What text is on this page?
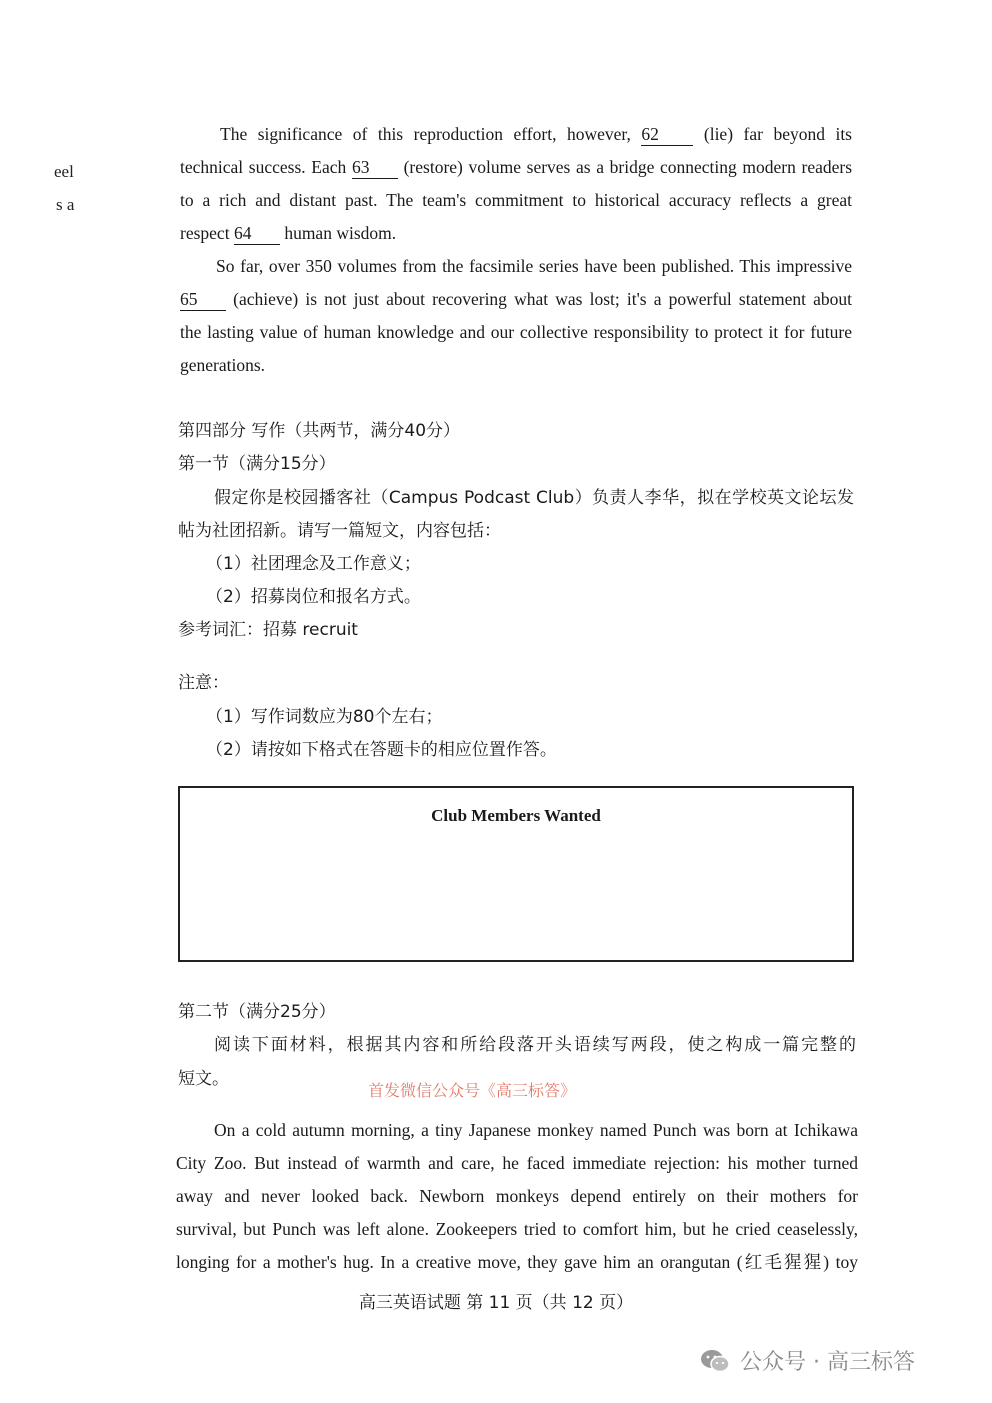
eel
s a
The significance of this reproduction effort, however, 62	(lie) far beyond its
technical success. Each 63 (restore) volume serves as a bridge connecting modern readers
to a rich and distant past. The team's commitment to historical accuracy reflects a great
respect 64 human wisdom.
So far, over 350 volumes from the facsimile series have been published. This impressive
65 (achieve) is not just about recovering what was lost; it's a powerful statement about
the lasting value of human knowledge and our collective responsibility to protect it for future
generations.
第四部分 写作（共两节，满分40分）
第一节（满分15分）
假定你是校园播客社（Campus Podcast Club）负责人李华，拟在学校英文论坛发
帖为社团招新。请写一篇短文，内容包括：
（1）社团理念及工作意义；
（2）招募岗位和报名方式。
参考词汇：招募 recruit
注意：
（1）写作词数应为80个左右；
（2）请按如下格式在答题卡的相应位置作答。
Club Members Wanted
第二节（满分25分）
阅读下面材料，根据其内容和所给段落开头语续写两段，使之构成一篇完整的
短文。
首发微信公众号《高三标答》
On a cold autumn morning, a tiny Japanese monkey named Punch was born at Ichikawa
City Zoo. But instead of warmth and care, he faced immediate rejection: his mother turned
away and never looked back. Newborn monkeys depend entirely on their mothers for
survival, but Punch was left alone. Zookeepers tried to comfort him, but he cried ceaselessly,
longing for a mother's hug. In a creative move, they gave him an orangutan (红毛猩猩) toy
高三英语试题 第 11 页（共 12 页）
公众号 · 高三标答
